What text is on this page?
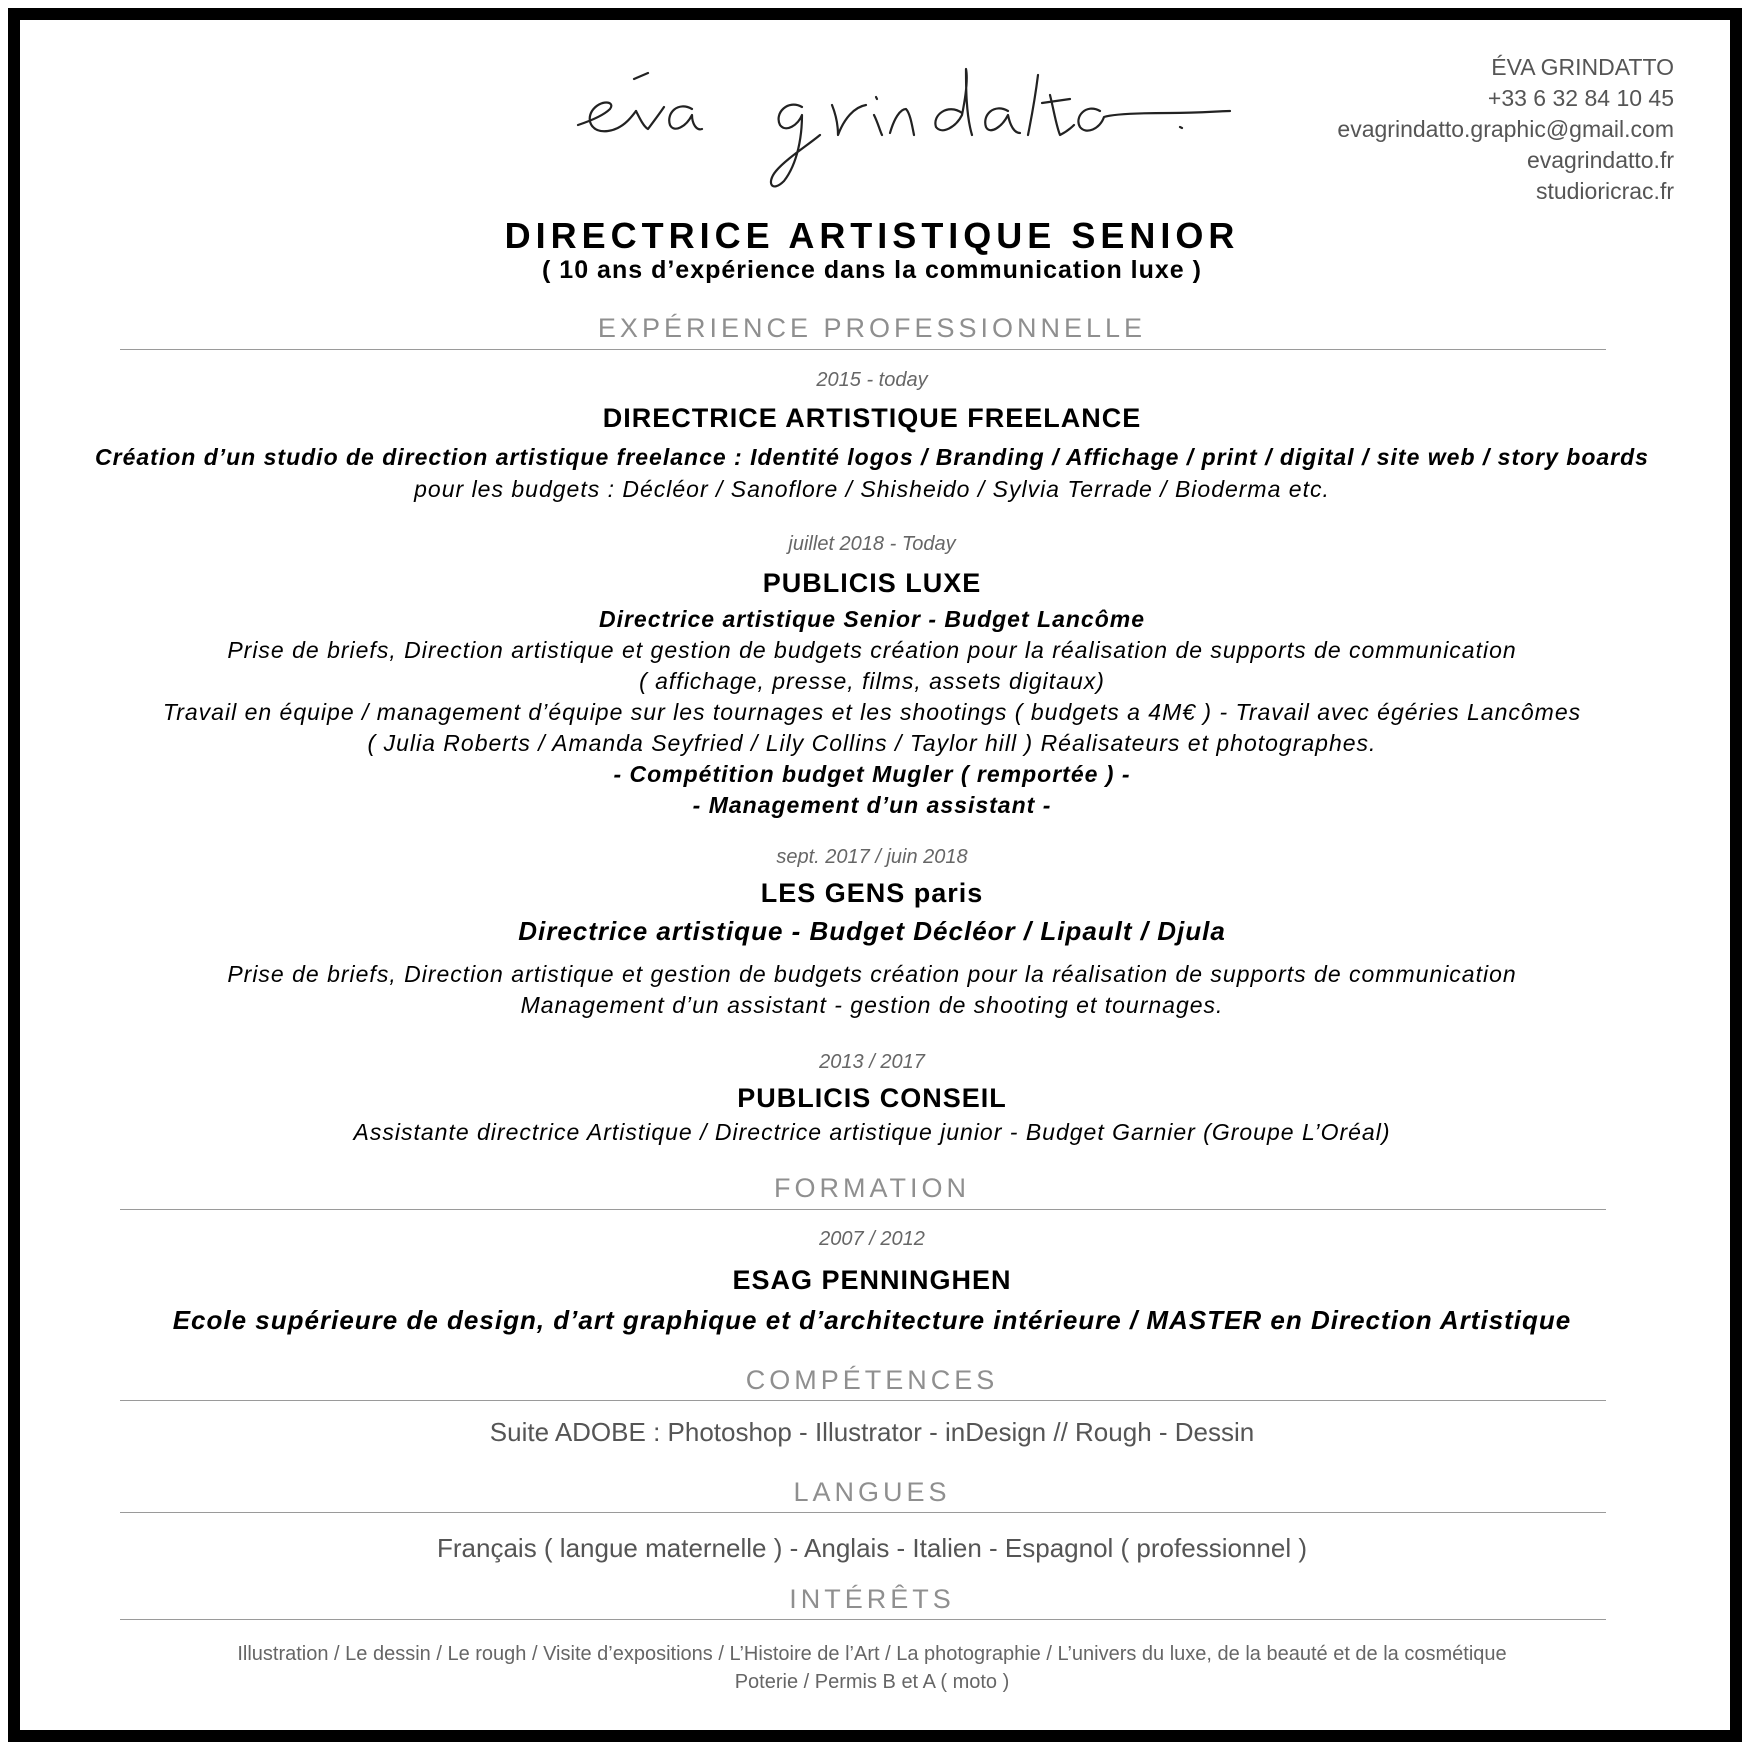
ÉVA GRINDATTO
+33 6 32 84 10 45
evagrindatto.graphic@gmail.com
evagrindatto.fr
studioricrac.fr
DIRECTRICE ARTISTIQUE SENIOR
( 10 ans d’expérience dans la communication luxe )
EXPÉRIENCE PROFESSIONNELLE
2015 - today
DIRECTRICE ARTISTIQUE FREELANCE
Création d’un studio de direction artistique freelance : Identité logos / Branding / Affichage / print / digital / site web / story boards
pour les budgets : Décléor / Sanoflore / Shisheido / Sylvia Terrade / Bioderma etc.
juillet 2018 - Today
PUBLICIS LUXE
Directrice artistique Senior - Budget Lancôme
Prise de briefs, Direction artistique et gestion de budgets création pour la réalisation de supports de communication
( affichage, presse, films, assets digitaux)
Travail en équipe / management d’équipe sur les tournages et les shootings ( budgets a 4M€ ) - Travail avec égéries Lancômes
( Julia Roberts / Amanda Seyfried / Lily Collins / Taylor hill ) Réalisateurs et photographes.
- Compétition budget Mugler ( remportée ) -
- Management d’un assistant -
sept. 2017 / juin 2018
LES GENS paris
Directrice artistique - Budget Décléor / Lipault / Djula
Prise de briefs, Direction artistique et gestion de budgets création pour la réalisation de supports de communication
Management d’un assistant - gestion de shooting et tournages.
2013 / 2017
PUBLICIS CONSEIL
Assistante directrice Artistique / Directrice artistique junior - Budget Garnier (Groupe L’Oréal)
FORMATION
2007 / 2012
ESAG PENNINGHEN
Ecole supérieure de design, d’art graphique et d’architecture intérieure / MASTER en Direction Artistique
COMPÉTENCES
Suite ADOBE : Photoshop - Illustrator - inDesign // Rough - Dessin
LANGUES
Français ( langue maternelle ) - Anglais - Italien - Espagnol ( professionnel )
INTÉRÊTS
Illustration / Le dessin / Le rough / Visite d’expositions / L’Histoire de l’Art / La photographie / L’univers du luxe, de la beauté et de la cosmétique
Poterie / Permis B et A ( moto )
